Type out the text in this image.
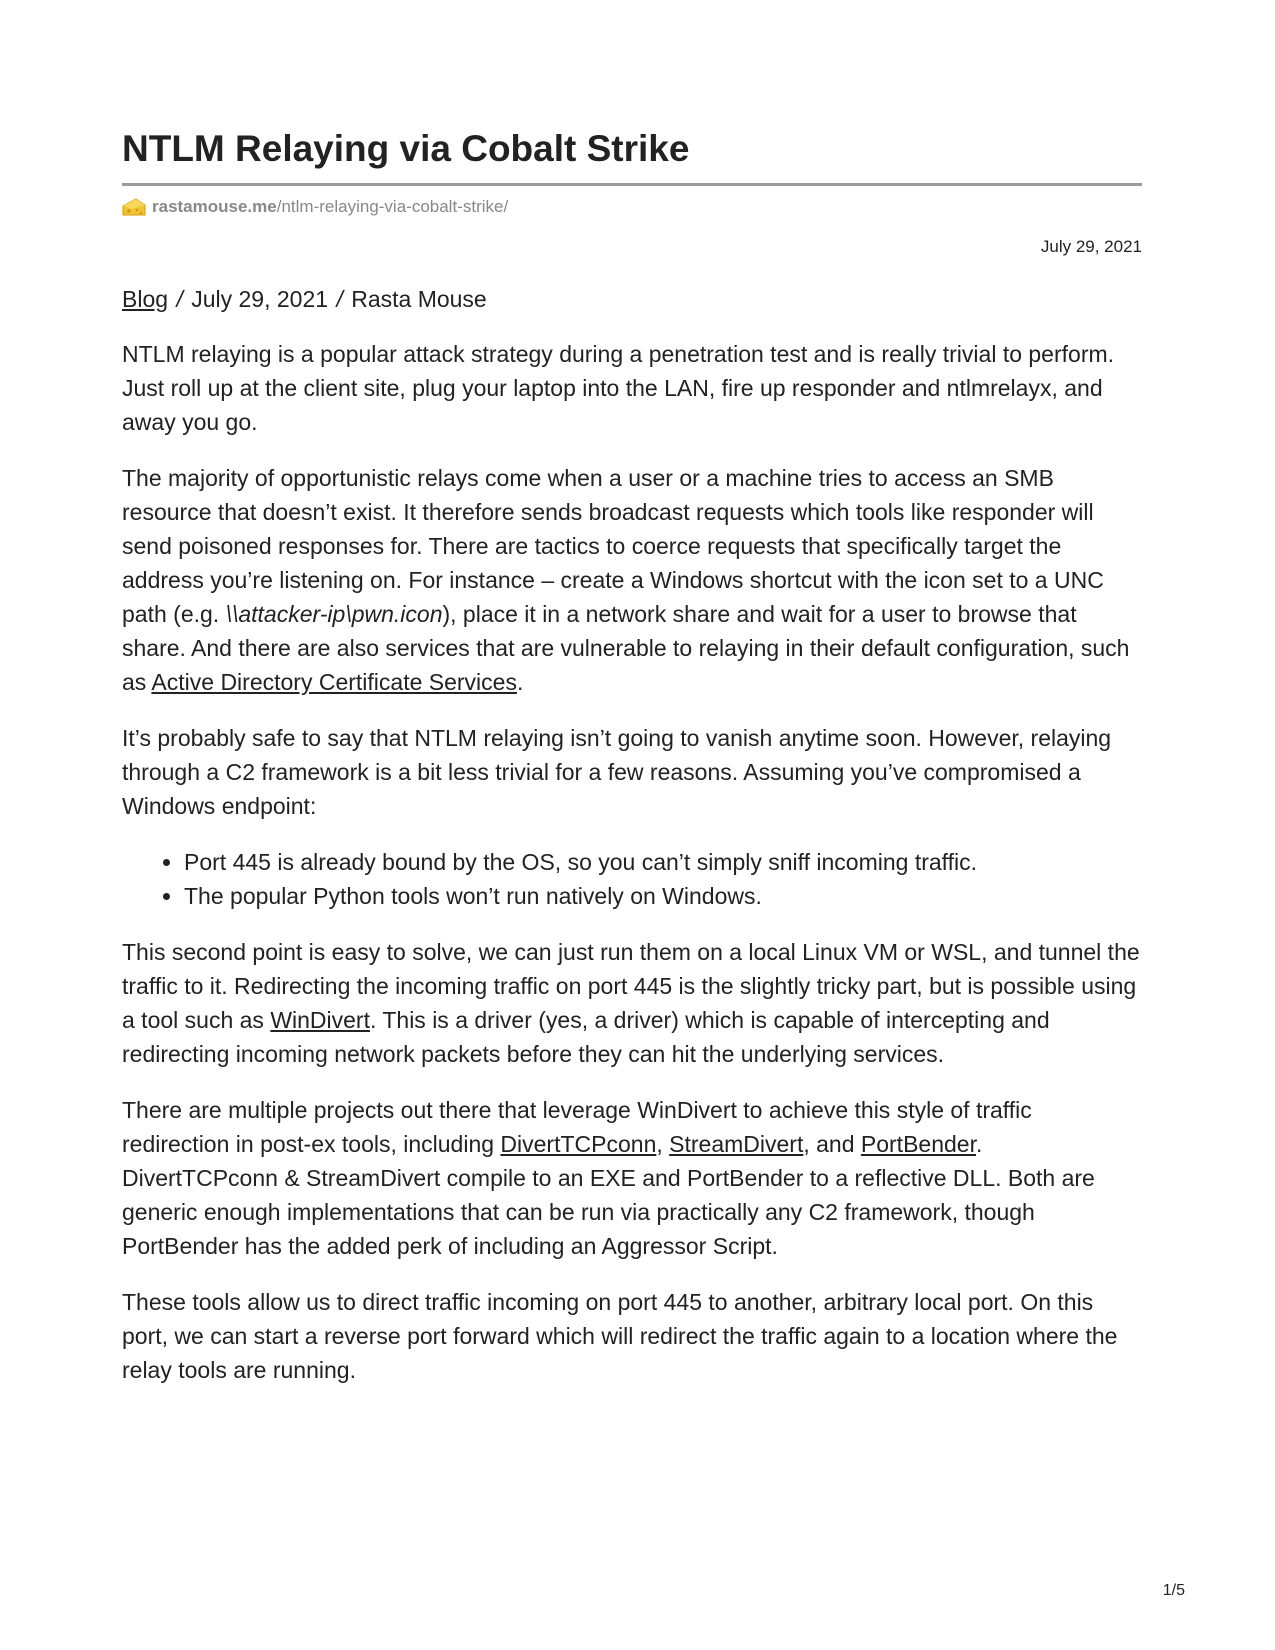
NTLM Relaying via Cobalt Strike
rastamouse.me /ntlm-relaying-via-cobalt-strike/
July 29, 2021
Blog / July 29, 2021 / Rasta Mouse

NTLM relaying is a popular attack strategy during a penetration test and is really trivial to perform. Just roll up at the client site, plug your laptop into the LAN, fire up responder and ntlmrelayx, and away you go.

The majority of opportunistic relays come when a user or a machine tries to access an SMB resource that doesn’t exist. It therefore sends broadcast requests which tools like responder will send poisoned responses for. There are tactics to coerce requests that specifically target the address you’re listening on. For instance – create a Windows shortcut with the icon set to a UNC path (e.g. \\attacker-ip\pwn.icon), place it in a network share and wait for a user to browse that share. And there are also services that are vulnerable to relaying in their default configuration, such as Active Directory Certificate Services.

It’s probably safe to say that NTLM relaying isn’t going to vanish anytime soon. However, relaying through a C2 framework is a bit less trivial for a few reasons. Assuming you’ve compromised a Windows endpoint:

• Port 445 is already bound by the OS, so you can’t simply sniff incoming traffic.
• The popular Python tools won’t run natively on Windows.

This second point is easy to solve, we can just run them on a local Linux VM or WSL, and tunnel the traffic to it. Redirecting the incoming traffic on port 445 is the slightly tricky part, but is possible using a tool such as WinDivert. This is a driver (yes, a driver) which is capable of intercepting and redirecting incoming network packets before they can hit the underlying services.

There are multiple projects out there that leverage WinDivert to achieve this style of traffic redirection in post-ex tools, including DivertTCPconn, StreamDivert, and PortBender. DivertTCPconn & StreamDivert compile to an EXE and PortBender to a reflective DLL. Both are generic enough implementations that can be run via practically any C2 framework, though PortBender has the added perk of including an Aggressor Script.

These tools allow us to direct traffic incoming on port 445 to another, arbitrary local port. On this port, we can start a reverse port forward which will redirect the traffic again to a location where the relay tools are running.

1/5
